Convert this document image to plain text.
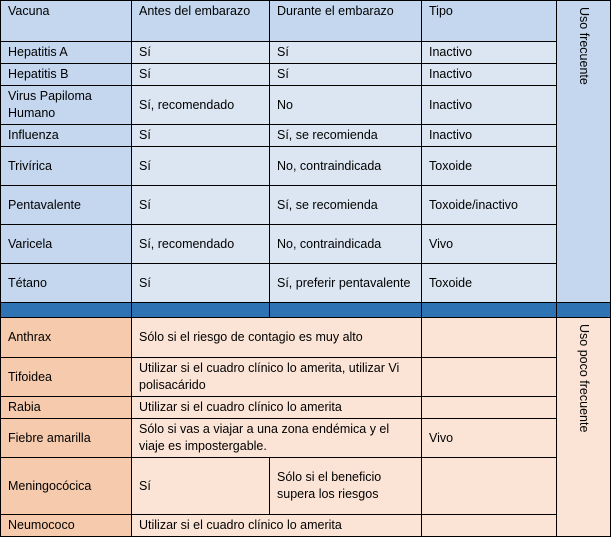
Vacuna	Antes del embarazo	Durante el embarazo	Tipo	Uso frecuente

Hepatitis A	Sí	Sí	Inactivo	
Hepatitis B	Sí	Sí	Inactivo	
Virus Papiloma Humano	Sí, recomendado	No	Inactivo	
Influenza	Sí	Sí, se recomienda	Inactivo	
Trivírica	Sí	No, contraindicada	Toxoide	
Pentavalente	Sí	Sí, se recomienda	Toxoide/inactivo	
Varicela	Sí, recomendado	No, contraindicada	Vivo	
Tétano	Sí	Sí, preferir pentavalente	Toxoide	

Anthrax	Sólo si el riesgo de contagio es muy alto			Uso poco frecuente

Tifoidea	Utilizar si el cuadro clínico lo amerita, utilizar Vi polisacárido			
Rabia	Utilizar si el cuadro clínico lo amerita			
Fiebre amarilla	Sólo si vas a viajar a una zona endémica y el viaje es impostergable.		Vivo	
Meningocócica	Sí	Sólo si el beneficio supera los riesgos		
Neumococo	Utilizar si el cuadro clínico lo amerita			
